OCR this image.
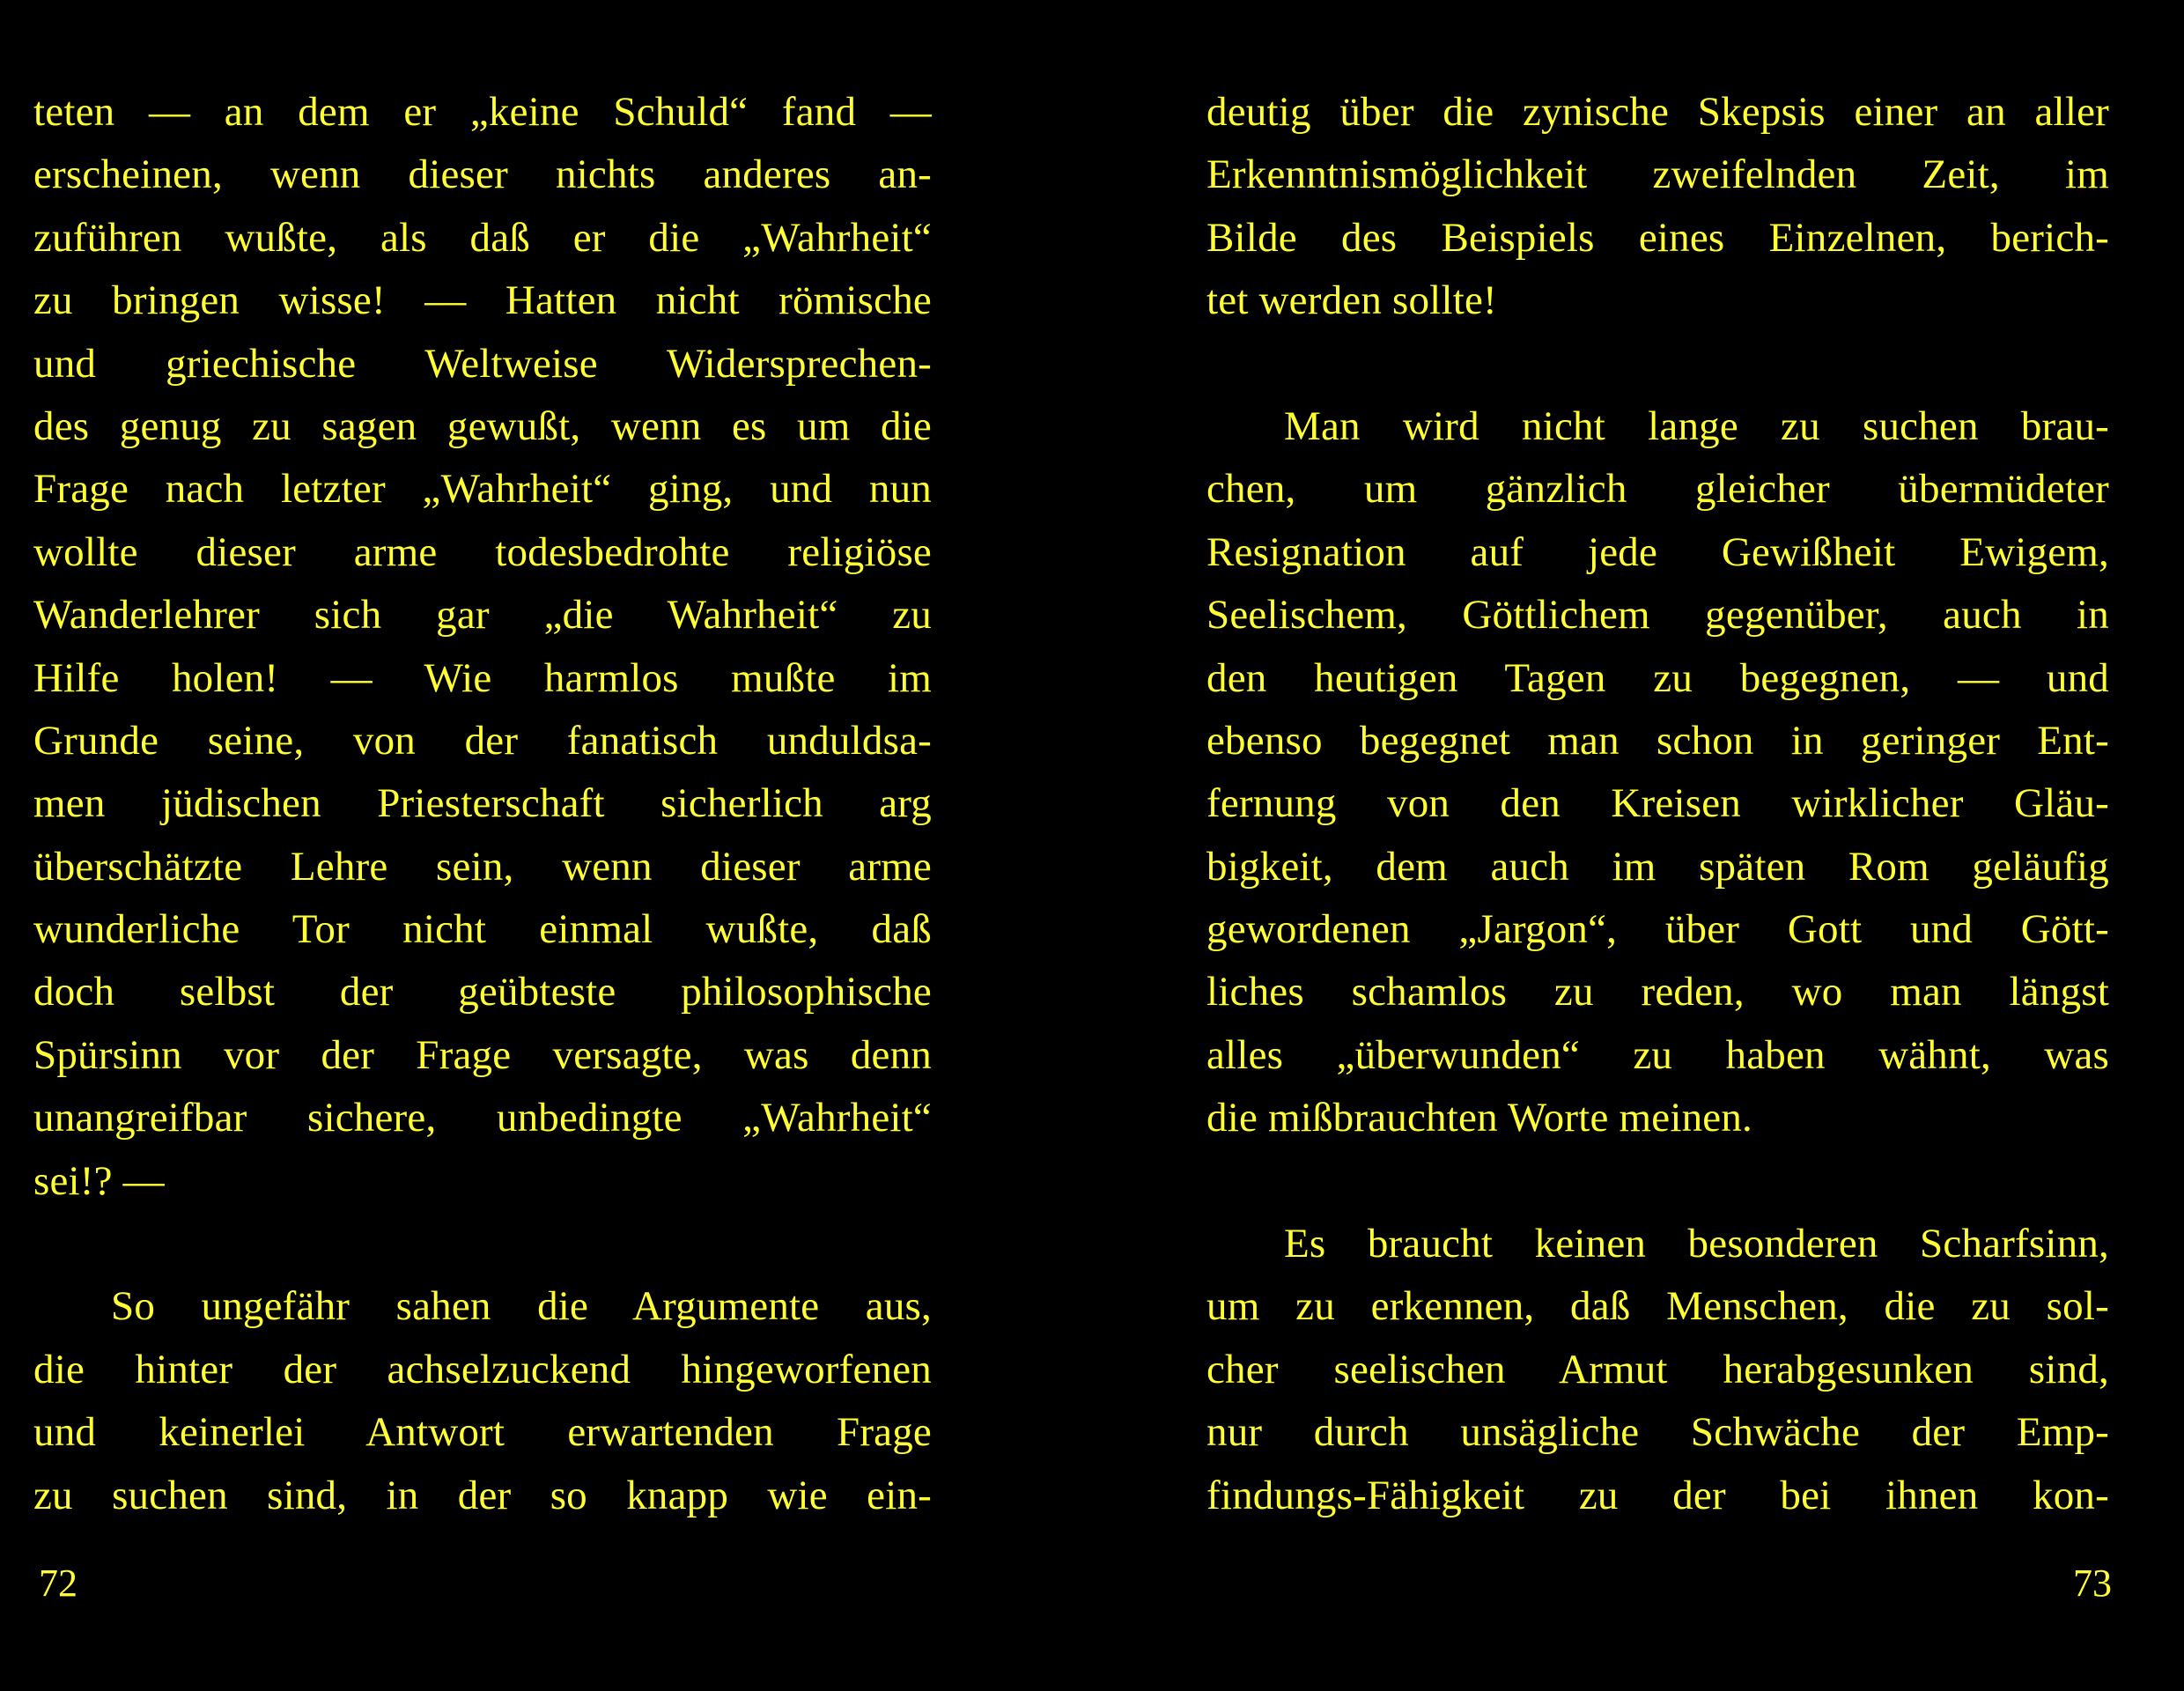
teten — an dem er „keine Schuld“ fand —
erscheinen, wenn dieser nichts anderes an-
zuführen wußte, als daß er die „Wahrheit“
zu bringen wisse! — Hatten nicht römische
und griechische Weltweise Widersprechen-
des genug zu sagen gewußt, wenn es um die
Frage nach letzter „Wahrheit“ ging, und nun
wollte dieser arme todesbedrohte religiöse
Wanderlehrer sich gar „die Wahrheit“ zu
Hilfe holen! — Wie harmlos mußte im
Grunde seine, von der fanatisch unduldsa-
men jüdischen Priesterschaft sicherlich arg
überschätzte Lehre sein, wenn dieser arme
wunderliche Tor nicht einmal wußte, daß
doch selbst der geübteste philosophische
Spürsinn vor der Frage versagte, was denn
unangreifbar sichere, unbedingte „Wahrheit“
sei!? —
So ungefähr sahen die Argumente aus,
die hinter der achselzuckend hingeworfenen
und keinerlei Antwort erwartenden Frage
zu suchen sind, in der so knapp wie ein-
deutig über die zynische Skepsis einer an aller
Erkenntnismöglichkeit zweifelnden Zeit, im
Bilde des Beispiels eines Einzelnen, berich-
tet werden sollte!
Man wird nicht lange zu suchen brau-
chen, um gänzlich gleicher übermüdeter
Resignation auf jede Gewißheit Ewigem,
Seelischem, Göttlichem gegenüber, auch in
den heutigen Tagen zu begegnen, — und
ebenso begegnet man schon in geringer Ent-
fernung von den Kreisen wirklicher Gläu-
bigkeit, dem auch im späten Rom geläufig
gewordenen „Jargon“, über Gott und Gött-
liches schamlos zu reden, wo man längst
alles „überwunden“ zu haben wähnt, was
die mißbrauchten Worte meinen.
Es braucht keinen besonderen Scharfsinn,
um zu erkennen, daß Menschen, die zu sol-
cher seelischen Armut herabgesunken sind,
nur durch unsägliche Schwäche der Emp-
findungs-Fähigkeit zu der bei ihnen kon-
72	73
